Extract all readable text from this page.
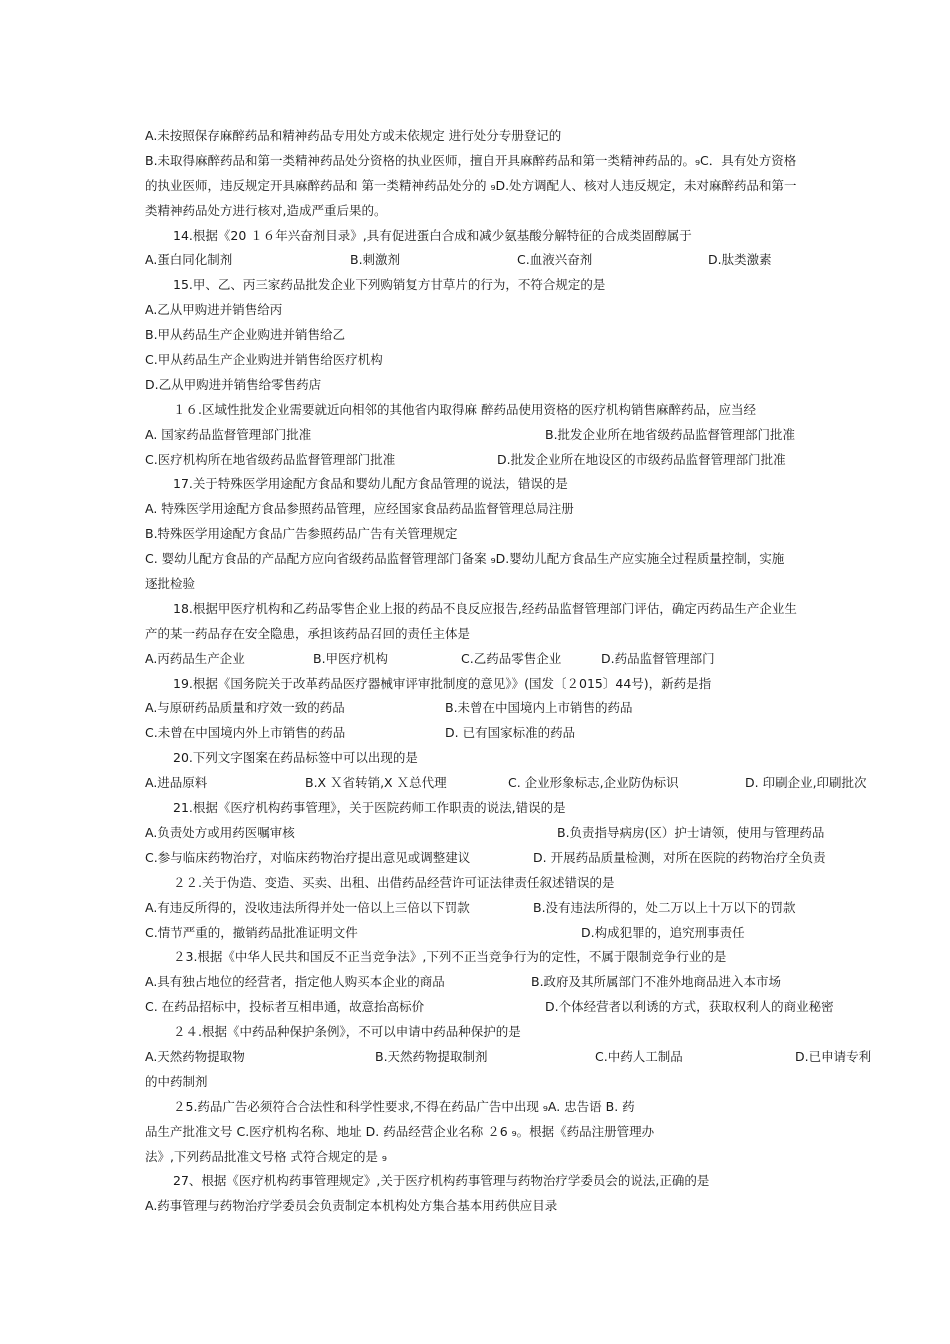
A.未按照保存麻醉药品和精神药品专用处方或未依规定 进行处分专册登记的
B.未取得麻醉药品和第一类精神药品处分资格的执业医师，擅自开具麻醉药品和第一类精神药品的。₉C．具有处方资格
的执业医师，违反规定开具麻醉药品和 第一类精神药品处分的 ₉D.处方调配人、核对人违反规定，未对麻醉药品和第一
类精神药品处方进行核对,造成严重后果的。
14.根据《20 １６年兴奋剂目录》,具有促进蛋白合成和减少氨基酸分解特征的合成类固醇属于
A.蛋白同化制剂	B.刺激剂	C.血液兴奋剂	D.肽类激素
15.甲、乙、丙三家药品批发企业下列购销复方甘草片的行为，不符合规定的是
A.乙从甲购进并销售给丙
B.甲从药品生产企业购进并销售给乙
C.甲从药品生产企业购进并销售给医疗机构
D.乙从甲购进并销售给零售药店
１６.区域性批发企业需要就近向相邻的其他省内取得麻 醉药品使用资格的医疗机构销售麻醉药品，应当经
A. 国家药品监督管理部门批准	B.批发企业所在地省级药品监督管理部门批准
C.医疗机构所在地省级药品监督管理部门批准	D.批发企业所在地设区的市级药品监督管理部门批准
17.关于特殊医学用途配方食品和婴幼儿配方食品管理的说法，错误的是
A. 特殊医学用途配方食品参照药品管理，应经国家食品药品监督管理总局注册
B.特殊医学用途配方食品广告参照药品广告有关管理规定
C. 婴幼儿配方食品的产品配方应向省级药品监督管理部门备案 ₉D.婴幼儿配方食品生产应实施全过程质量控制，实施
逐批检验
18.根据甲医疗机构和乙药品零售企业上报的药品不良反应报告,经药品监督管理部门评估，确定丙药品生产企业生
产的某一药品存在安全隐患，承担该药品召回的责任主体是
A.丙药品生产企业	B.甲医疗机构	C.乙药品零售企业	D.药品监督管理部门
19.根据《国务院关于改革药品医疗器械审评审批制度的意见》》(国发〔２015〕44号)，新药是指
A.与原研药品质量和疗效一致的药品	B.未曾在中国境内上市销售的药品
C.未曾在中国境内外上市销售的药品	D. 已有国家标准的药品
20.下列文字图案在药品标签中可以出现的是
A.进品原料	B.X Ｘ省转销,X Ｘ总代理	C. 企业形象标志,企业防伪标识	D. 印刷企业,印刷批次
21.根据《医疗机构药事管理》，关于医院药师工作职责的说法,错误的是
A.负责处方或用药医嘱审核	B.负责指导病房(区）护士请领，使用与管理药品
C.参与临床药物治疗，对临床药物治疗提出意见或调整建议	D. 开展药品质量检测，对所在医院的药物治疗全负责
２２.关于伪造、变造、买卖、出租、出借药品经营许可证法律责任叙述错误的是
A.有违反所得的，没收违法所得并处一倍以上三倍以下罚款	B.没有违法所得的，处二万以上十万以下的罚款
C.情节严重的，撤销药品批准证明文件	D.构成犯罪的，追究刑事责任
２3.根据《中华人民共和国反不正当竞争法》,下列不正当竞争行为的定性，不属于限制竞争行业的是
A.具有独占地位的经营者，指定他人购买本企业的商品	B.政府及其所属部门不准外地商品进入本市场
C. 在药品招标中，投标者互相串通，故意抬高标价	D.个体经营者以利诱的方式，获取权利人的商业秘密
２４.根据《中药品种保护条例》，不可以申请中药品种保护的是
A.天然药物提取物	B.天然药物提取制剂	C.中药人工制品	D.已申请专利
的中药制剂
２5.药品广告必须符合合法性和科学性要求,不得在药品广告中出现 ₉A. 忠告语 B. 药
品生产批准文号 C.医疗机构名称、地址 D. 药品经营企业名称 ２6 ₉。根据《药品注册管理办
法》,下列药品批准文号格 式符合规定的是 ₉
27、根据《医疗机构药事管理规定》,关于医疗机构药事管理与药物治疗学委员会的说法,正确的是
A.药事管理与药物治疗学委员会负责制定本机构处方集合基本用药供应目录
